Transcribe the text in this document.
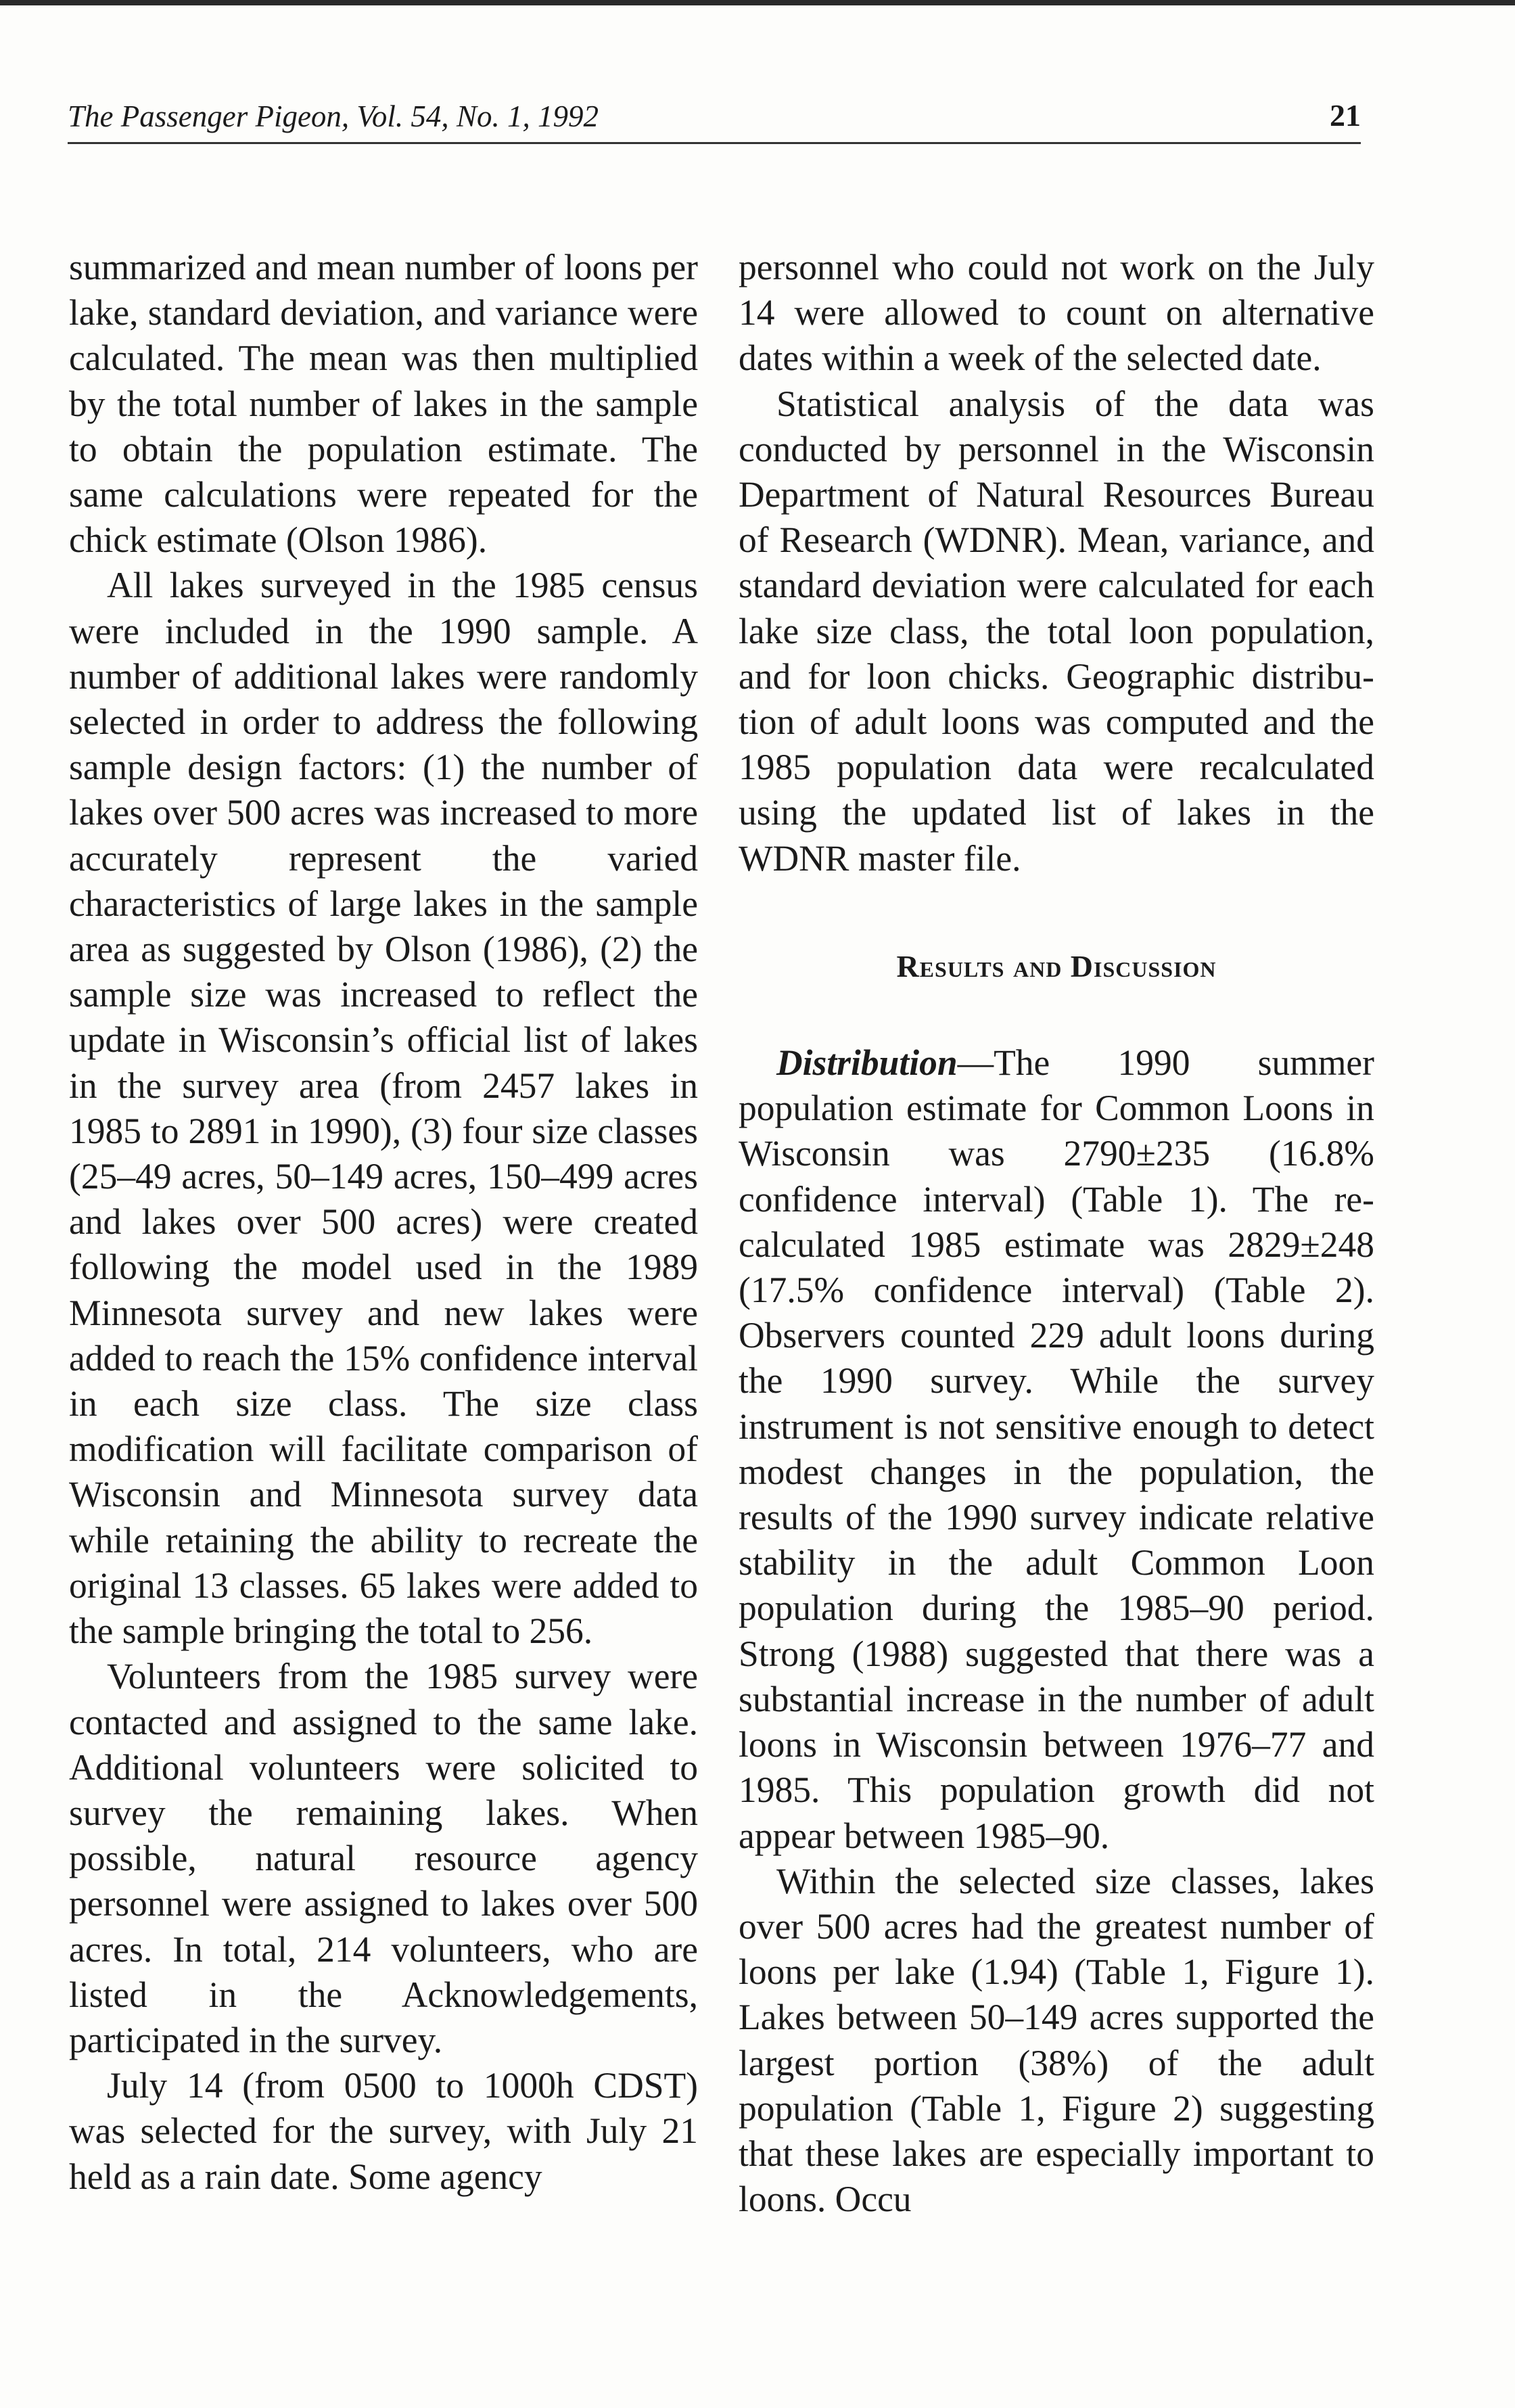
The Passenger Pigeon, Vol. 54, No. 1, 1992	21

summarized and mean number of loons per lake, standard deviation, and variance were calculated. The mean was then multiplied by the total number of lakes in the sample to obtain the population estimate. The same calculations were repeated for the chick estimate (Olson 1986).

All lakes surveyed in the 1985 census were included in the 1990 sample. A number of additional lakes were randomly selected in order to address the following sample design factors: (1) the number of lakes over 500 acres was increased to more accurately represent the varied characteristics of large lakes in the sample area as suggested by Olson (1986), (2) the sample size was increased to reflect the update in Wisconsin’s official list of lakes in the survey area (from 2457 lakes in 1985 to 2891 in 1990), (3) four size classes (25–49 acres, 50–149 acres, 150–499 acres and lakes over 500 acres) were created following the model used in the 1989 Minnesota survey and new lakes were added to reach the 15% confidence interval in each size class. The size class modification will facilitate comparison of Wisconsin and Minnesota survey data while retaining the ability to recreate the original 13 classes. 65 lakes were added to the sample bringing the total to 256.

Volunteers from the 1985 survey were contacted and assigned to the same lake. Additional volunteers were solicited to survey the remaining lakes. When possible, natural resource agency personnel were assigned to lakes over 500 acres. In total, 214 volunteers, who are listed in the Acknowledgements, participated in the survey.

July 14 (from 0500 to 1000h CDST) was selected for the survey, with July 21 held as a rain date. Some agency

personnel who could not work on the July 14 were allowed to count on alternative dates within a week of the selected date.

Statistical analysis of the data was conducted by personnel in the Wisconsin Department of Natural Resources Bureau of Research (WDNR). Mean, variance, and standard deviation were calculated for each lake size class, the total loon population, and for loon chicks. Geographic distribution of adult loons was computed and the 1985 population data were recalculated using the updated list of lakes in the WDNR master file.

Results and Discussion

Distribution—The 1990 summer population estimate for Common Loons in Wisconsin was 2790±235 (16.8% confidence interval) (Table 1). The re-calculated 1985 estimate was 2829±248 (17.5% confidence interval) (Table 2). Observers counted 229 adult loons during the 1990 survey. While the survey instrument is not sensitive enough to detect modest changes in the population, the results of the 1990 survey indicate relative stability in the adult Common Loon population during the 1985–90 period. Strong (1988) suggested that there was a substantial increase in the number of adult loons in Wisconsin between 1976–77 and 1985. This population growth did not appear between 1985–90.

Within the selected size classes, lakes over 500 acres had the greatest number of loons per lake (1.94) (Table 1, Figure 1). Lakes between 50–149 acres supported the largest portion (38%) of the adult population (Table 1, Figure 2) suggesting that these lakes are especially important to loons. Occu
